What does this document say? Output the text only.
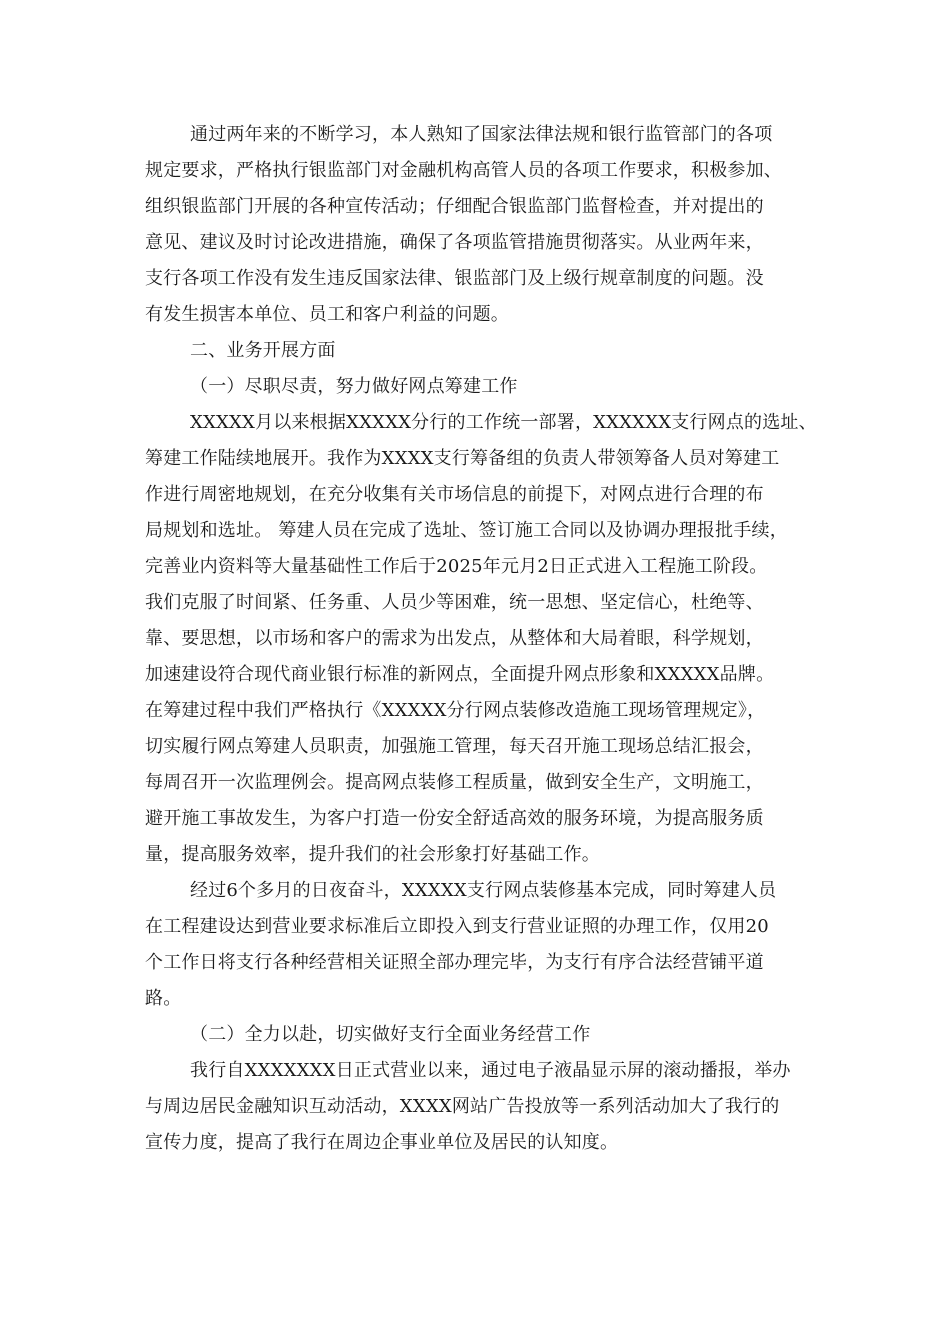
通过两年来的不断学习，本人熟知了国家法律法规和银行监管部门的各项
规定要求，严格执行银监部门对金融机构高管人员的各项工作要求，积极参加、
组织银监部门开展的各种宣传活动；仔细配合银监部门监督检查，并对提出的
意见、建议及时讨论改进措施，确保了各项监管措施贯彻落实。从业两年来，
支行各项工作没有发生违反国家法律、银监部门及上级行规章制度的问题。没
有发生损害本单位、员工和客户利益的问题。
二、业务开展方面
（一）尽职尽责，努力做好网点筹建工作
XXXXX月以来根据XXXXX分行的工作统一部署，XXXXXX支行网点的选址、
筹建工作陆续地展开。我作为XXXX支行筹备组的负责人带领筹备人员对筹建工
作进行周密地规划，在充分收集有关市场信息的前提下，对网点进行合理的布
局规划和选址。 筹建人员在完成了选址、签订施工合同以及协调办理报批手续，
完善业内资料等大量基础性工作后于2025年元月2日正式进入工程施工阶段。
我们克服了时间紧、任务重、人员少等困难，统一思想、坚定信心，杜绝等、
靠、要思想，以市场和客户的需求为出发点，从整体和大局着眼，科学规划，
加速建设符合现代商业银行标准的新网点，全面提升网点形象和XXXXX品牌。
在筹建过程中我们严格执行《XXXXX分行网点装修改造施工现场管理规定》，
切实履行网点筹建人员职责，加强施工管理，每天召开施工现场总结汇报会，
每周召开一次监理例会。提高网点装修工程质量，做到安全生产，文明施工，
避开施工事故发生，为客户打造一份安全舒适高效的服务环境，为提高服务质
量，提高服务效率，提升我们的社会形象打好基础工作。
经过6个多月的日夜奋斗，XXXXX支行网点装修基本完成，同时筹建人员
在工程建设达到营业要求标准后立即投入到支行营业证照的办理工作，仅用20
个工作日将支行各种经营相关证照全部办理完毕，为支行有序合法经营铺平道
路。
（二）全力以赴，切实做好支行全面业务经营工作
我行自XXXXXXX日正式营业以来，通过电子液晶显示屏的滚动播报，举办
与周边居民金融知识互动活动，XXXX网站广告投放等一系列活动加大了我行的
宣传力度，提高了我行在周边企事业单位及居民的认知度。
